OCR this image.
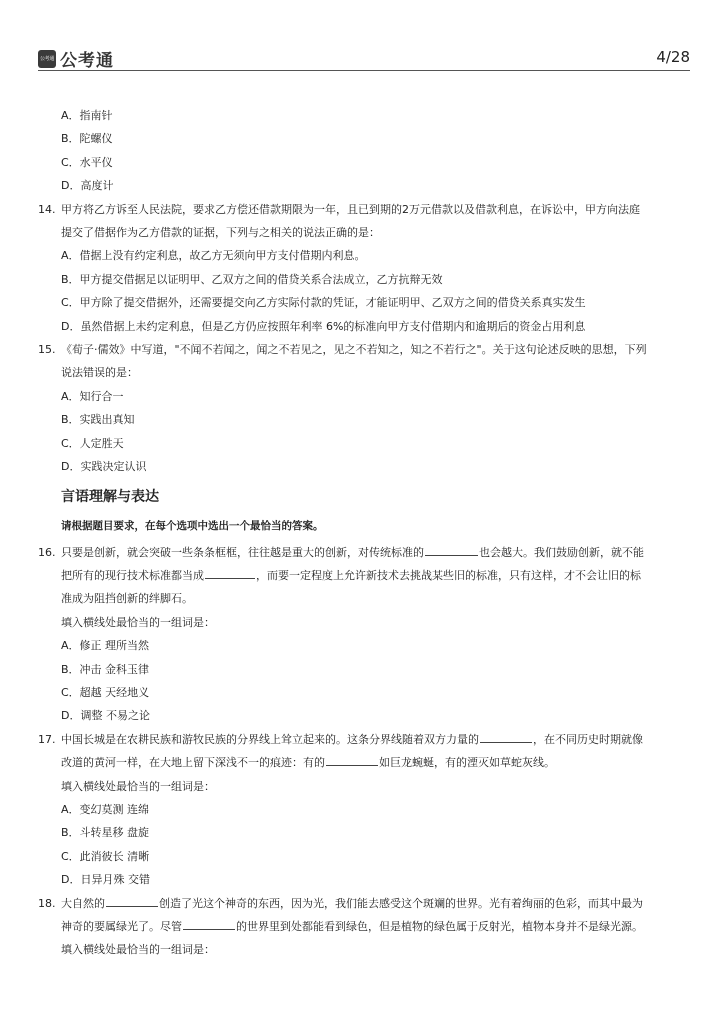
公考通 公考通	4/28
A．指南针
B．陀螺仪
C．水平仪
D．高度计
14. 甲方将乙方诉至人民法院，要求乙方偿还借款期限为一年，且已到期的2万元借款以及借款利息，在诉讼中，甲方向法庭
提交了借据作为乙方借款的证据，下列与之相关的说法正确的是：
A．借据上没有约定利息，故乙方无须向甲方支付借期内利息。
B．甲方提交借据足以证明甲、乙双方之间的借贷关系合法成立，乙方抗辩无效
C．甲方除了提交借据外，还需要提交向乙方实际付款的凭证，才能证明甲、乙双方之间的借贷关系真实发生
D．虽然借据上未约定利息，但是乙方仍应按照年利率 6%的标准向甲方支付借期内和逾期后的资金占用利息
15. 《荀子·儒效》中写道，"不闻不若闻之，闻之不若见之，见之不若知之，知之不若行之"。关于这句论述反映的思想，下列
说法错误的是：
A．知行合一
B．实践出真知
C．人定胜天
D．实践决定认识
言语理解与表达
请根据题目要求，在每个选项中选出一个最恰当的答案。
16. 只要是创新，就会突破一些条条框框，往往越是重大的创新，对传统标准的	也会越大。我们鼓励创新，就不能
把所有的现行技术标准都当成	，而要一定程度上允许新技术去挑战某些旧的标准，只有这样，才不会让旧的标
准成为阻挡创新的绊脚石。
填入横线处最恰当的一组词是：
A．修正 理所当然
B．冲击 金科玉律
C．超越 天经地义
D．调整 不易之论
17. 中国长城是在农耕民族和游牧民族的分界线上耸立起来的。这条分界线随着双方力量的	，在不同历史时期就像
改道的黄河一样，在大地上留下深浅不一的痕迹：有的	如巨龙蜿蜒，有的湮灭如草蛇灰线。
填入横线处最恰当的一组词是：
A．变幻莫测 连绵
B．斗转星移 盘旋
C．此消彼长 清晰
D．日异月殊 交错
18. 大自然的	创造了光这个神奇的东西，因为光，我们能去感受这个斑斓的世界。光有着绚丽的色彩，而其中最为
神奇的要属绿光了。尽管	的世界里到处都能看到绿色，但是植物的绿色属于反射光，植物本身并不是绿光源。
填入横线处最恰当的一组词是：
